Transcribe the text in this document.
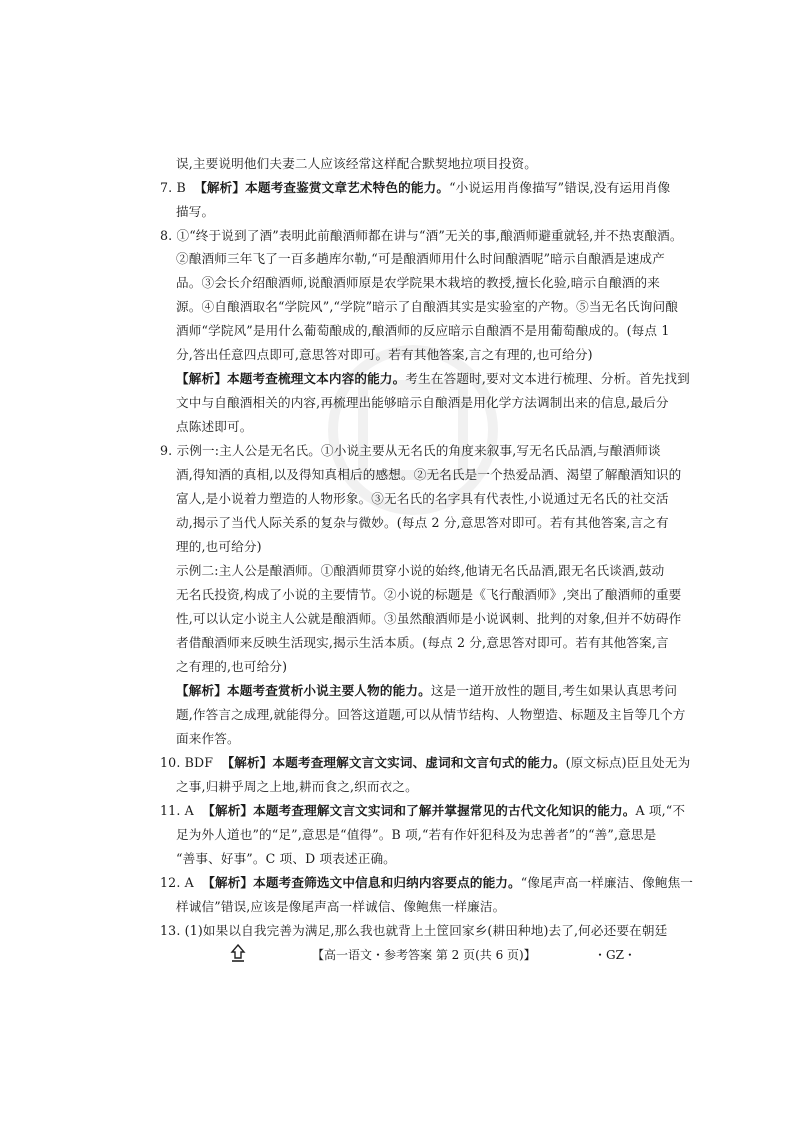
误,主要说明他们夫妻二人应该经常这样配合默契地拉项目投资。
7. B 【解析】本题考查鉴赏文章艺术特色的能力。“小说运用肖像描写”错误,没有运用肖像
描写。
8. ①“终于说到了酒”表明此前酿酒师都在讲与“酒”无关的事,酿酒师避重就轻,并不热衷酿酒。
②酿酒师三年飞了一百多趟库尔勒,“可是酿酒师用什么时间酿酒呢”暗示自酿酒是速成产
品。③会长介绍酿酒师,说酿酒师原是农学院果木栽培的教授,擅长化验,暗示自酿酒的来
源。④自酿酒取名“学院风”,“学院”暗示了自酿酒其实是实验室的产物。⑤当无名氏询问酿
酒师“学院风”是用什么葡萄酿成的,酿酒师的反应暗示自酿酒不是用葡萄酿成的。(每点 1
分,答出任意四点即可,意思答对即可。若有其他答案,言之有理的,也可给分)
【解析】本题考查梳理文本内容的能力。考生在答题时,要对文本进行梳理、分析。首先找到
文中与自酿酒相关的内容,再梳理出能够暗示自酿酒是用化学方法调制出来的信息,最后分
点陈述即可。
9. 示例一:主人公是无名氏。①小说主要从无名氏的角度来叙事,写无名氏品酒,与酿酒师谈
酒,得知酒的真相,以及得知真相后的感想。②无名氏是一个热爱品酒、渴望了解酿酒知识的
富人,是小说着力塑造的人物形象。③无名氏的名字具有代表性,小说通过无名氏的社交活
动,揭示了当代人际关系的复杂与微妙。(每点 2 分,意思答对即可。若有其他答案,言之有
理的,也可给分)
示例二:主人公是酿酒师。①酿酒师贯穿小说的始终,他请无名氏品酒,跟无名氏谈酒,鼓动
无名氏投资,构成了小说的主要情节。②小说的标题是《飞行酿酒师》,突出了酿酒师的重要
性,可以认定小说主人公就是酿酒师。③虽然酿酒师是小说讽刺、批判的对象,但并不妨碍作
者借酿酒师来反映生活现实,揭示生活本质。(每点 2 分,意思答对即可。若有其他答案,言
之有理的,也可给分)
【解析】本题考查赏析小说主要人物的能力。这是一道开放性的题目,考生如果认真思考问
题,作答言之成理,就能得分。回答这道题,可以从情节结构、人物塑造、标题及主旨等几个方
面来作答。
10. BDF 【解析】本题考查理解文言文实词、虚词和文言句式的能力。(原文标点)臣且处无为
之事,归耕乎周之上地,耕而食之,织而衣之。
11. A 【解析】本题考查理解文言文实词和了解并掌握常见的古代文化知识的能力。A 项,“不
足为外人道也”的“足”,意思是“值得”。B 项,“若有作奸犯科及为忠善者”的“善”,意思是
“善事、好事”。C 项、D 项表述正确。
12. A 【解析】本题考查筛选文中信息和归纳内容要点的能力。“像尾声高一样廉洁、像鲍焦一
样诚信”错误,应该是像尾声高一样诚信、像鲍焦一样廉洁。
13. (1)如果以自我完善为满足,那么我也就背上土筐回家乡(耕田种地)去了,何必还要在朝廷
【高一语文・参考答案 第 2 页(共 6 页)】	・GZ・
